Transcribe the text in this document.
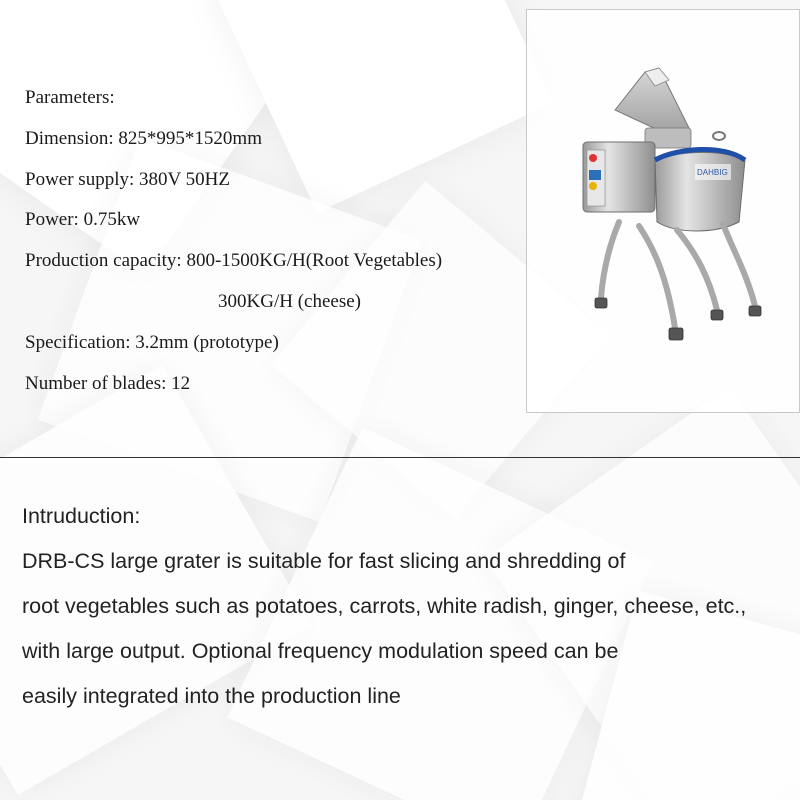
Parameters:
Dimension: 825*995*1520mm
Power supply: 380V 50HZ
Power: 0.75kw
Production capacity: 800-1500KG/H(Root Vegetables)
300KG/H (cheese)
Specification: 3.2mm (prototype)
Number of blades: 12
DAHBIG
Intruduction:
DRB-CS large grater is suitable for fast slicing and shredding of
root vegetables such as potatoes, carrots, white radish, ginger, cheese, etc.,
with large output. Optional frequency modulation speed can be
easily integrated into the production line
